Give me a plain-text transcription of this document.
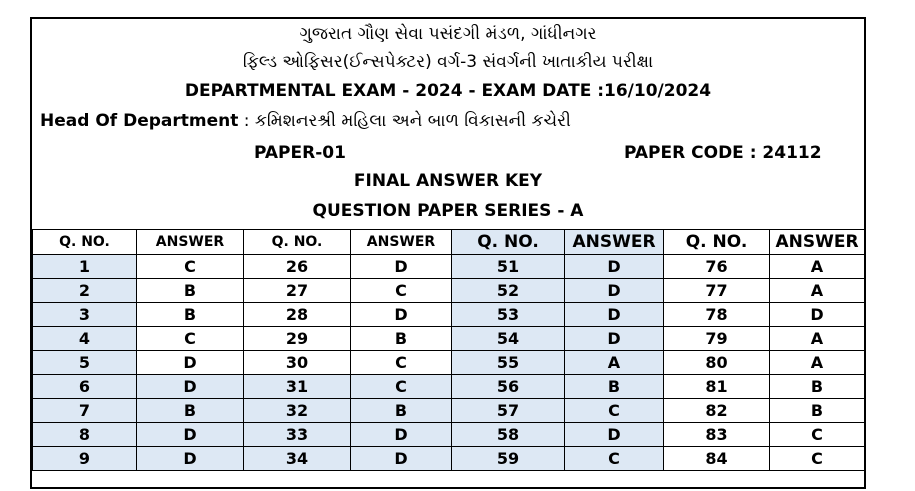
ગુજરાત ગૌણ સેવા પસંદગી મંડળ, ગાંધીનગર
ફિલ્ડ ઓફિસર(ઈન્સપેક્ટર) વર્ગ-3 સંવર્ગની ખાતાકીય પરીક્ષા
DEPARTMENTAL EXAM - 2024 - EXAM DATE :16/10/2024
Head Of Department : કમિશનરશ્રી મહિલા અને બાળ વિકાસની કચેરી
PAPER-01	PAPER CODE : 24112
FINAL ANSWER KEY
QUESTION PAPER SERIES - A
Q. NO.	ANSWER	Q. NO.	ANSWER	Q. NO.	ANSWER	Q. NO.	ANSWER
1	C	26	D	51	D	76	A
2	B	27	C	52	D	77	A
3	B	28	D	53	D	78	D
4	C	29	B	54	D	79	A
5	D	30	C	55	A	80	A
6	D	31	C	56	B	81	B
7	B	32	B	57	C	82	B
8	D	33	D	58	D	83	C
9	D	34	D	59	C	84	C
